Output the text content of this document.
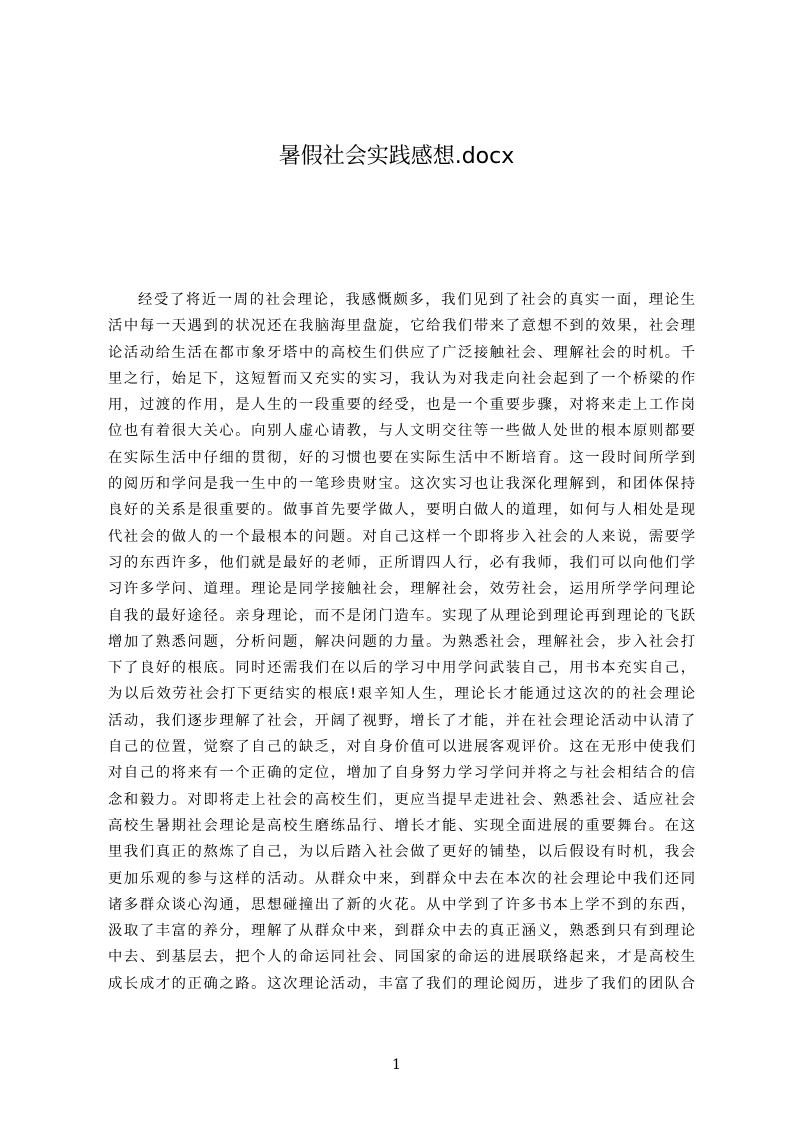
暑假社会实践感想.docx
经受了将近一周的社会理论，我感慨颇多，我们见到了社会的真实一面，理论生
活中每一天遇到的状况还在我脑海里盘旋，它给我们带来了意想不到的效果，社会理
论活动给生活在都市象牙塔中的高校生们供应了广泛接触社会、理解社会的时机。千
里之行，始足下，这短暂而又充实的实习，我认为对我走向社会起到了一个桥梁的作
用，过渡的作用，是人生的一段重要的经受，也是一个重要步骤，对将来走上工作岗
位也有着很大关心。向别人虚心请教，与人文明交往等一些做人处世的根本原则都要
在实际生活中仔细的贯彻，好的习惯也要在实际生活中不断培育。这一段时间所学到
的阅历和学问是我一生中的一笔珍贵财宝。这次实习也让我深化理解到，和团体保持
良好的关系是很重要的。做事首先要学做人，要明白做人的道理，如何与人相处是现
代社会的做人的一个最根本的问题。对自己这样一个即将步入社会的人来说，需要学
习的东西许多，他们就是最好的老师，正所谓四人行，必有我师，我们可以向他们学
习许多学问、道理。理论是同学接触社会，理解社会，效劳社会，运用所学学问理论
自我的最好途径。亲身理论，而不是闭门造车。实现了从理论到理论再到理论的飞跃
增加了熟悉问题，分析问题，解决问题的力量。为熟悉社会，理解社会，步入社会打
下了良好的根底。同时还需我们在以后的学习中用学问武装自己，用书本充实自己，
为以后效劳社会打下更结实的根底!艰辛知人生，理论长才能通过这次的的社会理论
活动，我们逐步理解了社会，开阔了视野，增长了才能，并在社会理论活动中认清了
自己的位置，觉察了自己的缺乏，对自身价值可以进展客观评价。这在无形中使我们
对自己的将来有一个正确的定位，增加了自身努力学习学问并将之与社会相结合的信
念和毅力。对即将走上社会的高校生们，更应当提早走进社会、熟悉社会、适应社会
高校生暑期社会理论是高校生磨练品行、增长才能、实现全面进展的重要舞台。在这
里我们真正的熬炼了自己，为以后踏入社会做了更好的铺垫，以后假设有时机，我会
更加乐观的参与这样的活动。从群众中来，到群众中去在本次的社会理论中我们还同
诸多群众谈心沟通，思想碰撞出了新的火花。从中学到了许多书本上学不到的东西，
汲取了丰富的养分，理解了从群众中来，到群众中去的真正涵义，熟悉到只有到理论
中去、到基层去，把个人的命运同社会、同国家的命运的进展联络起来，才是高校生
成长成才的正确之路。这次理论活动，丰富了我们的理论阅历，进步了我们的团队合
1
